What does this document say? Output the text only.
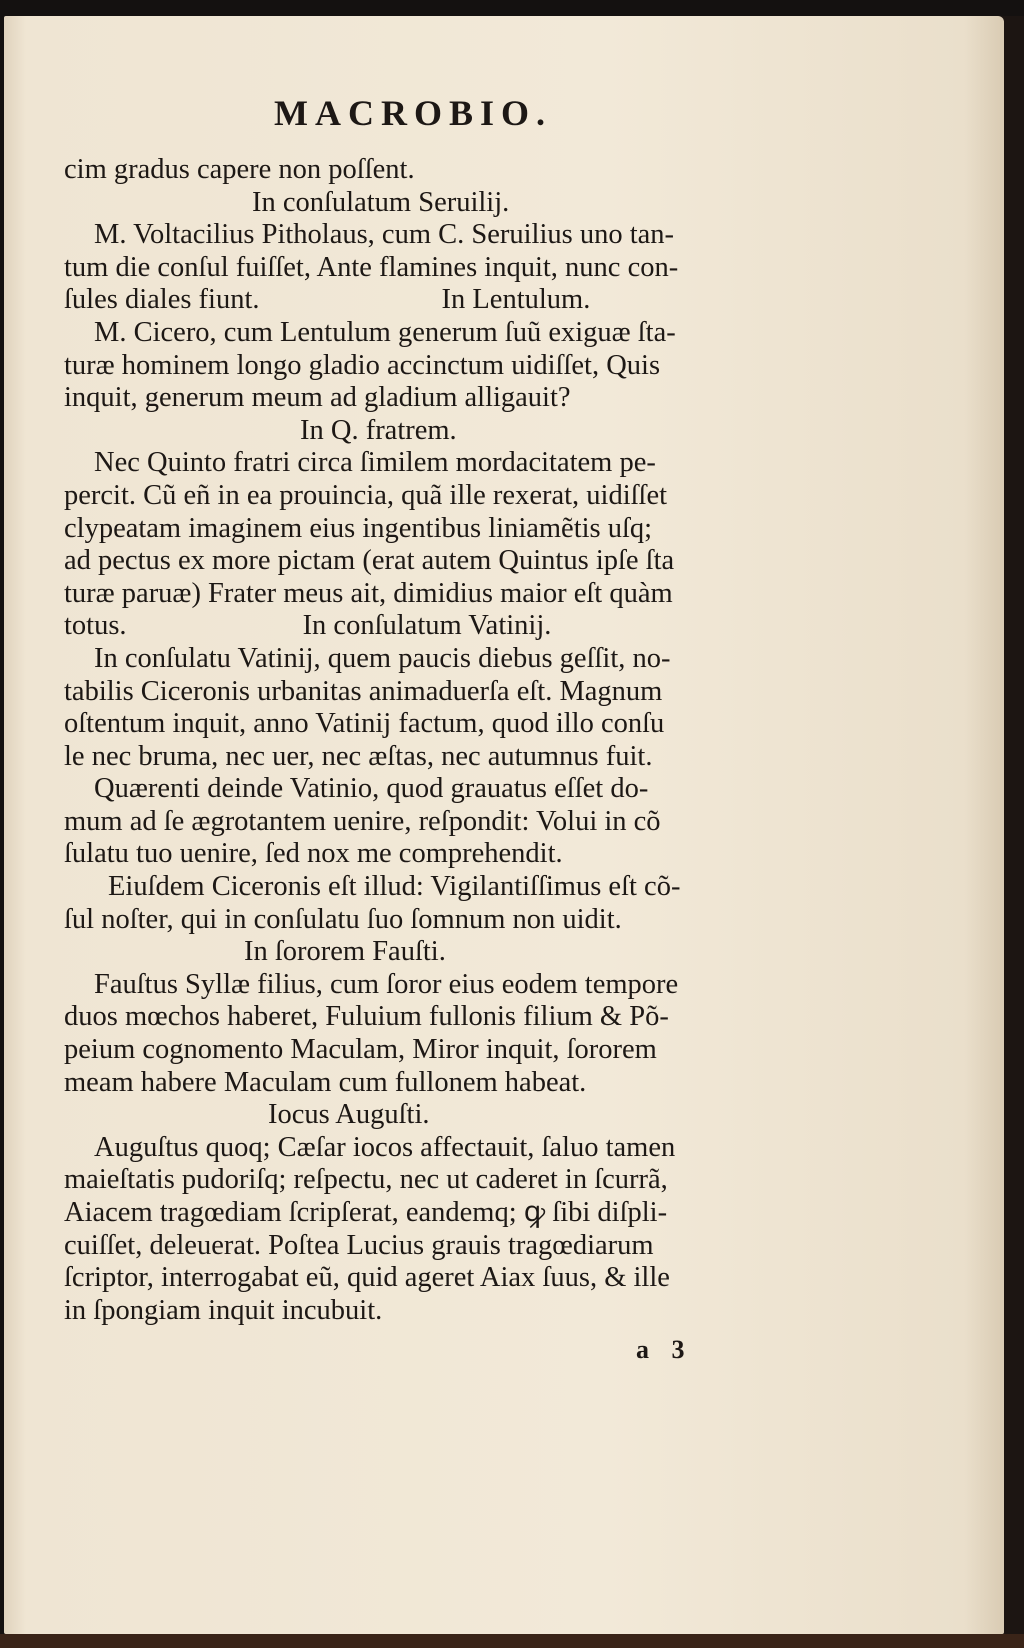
MACROBIO.
cim gradus capere non poſſent.
In conſulatum Seruilij.
M. Voltacilius Pitholaus, cum C. Seruilius uno tan-
tum die conſul fuiſſet, Ante flamines inquit, nunc con-
ſules diales fiunt.	In Lentulum.
M. Cicero, cum Lentulum generum ſuũ exiguæ ſta-
turæ hominem longo gladio accinctum uidiſſet, Quis
inquit, generum meum ad gladium alligauit?
In Q. fratrem.
Nec Quinto fratri circa ſimilem mordacitatem pe-
percit. Cũ eñ in ea prouincia, quã ille rexerat, uidiſſet
clypeatam imaginem eius ingentibus liniamẽtis uſq;
ad pectus ex more pictam (erat autem Quintus ipſe ſta
turæ paruæ) Frater meus ait, dimidius maior eſt quàm
totus.	In conſulatum Vatinij.
In conſulatu Vatinij, quem paucis diebus geſſit, no-
tabilis Ciceronis urbanitas animaduerſa eſt. Magnum
oſtentum inquit, anno Vatinij factum, quod illo conſu
le nec bruma, nec uer, nec æſtas, nec autumnus fuit.
Quærenti deinde Vatinio, quod grauatus eſſet do-
mum ad ſe ægrotantem uenire, reſpondit: Volui in cõ
ſulatu tuo uenire, ſed nox me comprehendit.
Eiuſdem Ciceronis eſt illud: Vigilantiſſimus eſt cõ-
ſul noſter, qui in conſulatu ſuo ſomnum non uidit.
In ſororem Fauſti.
Fauſtus Syllæ filius, cum ſoror eius eodem tempore
duos mœchos haberet, Fuluium fullonis filium & Põ-
peium cognomento Maculam, Miror inquit, ſororem
meam habere Maculam cum fullonem habeat.
Iocus Auguſti.
Auguſtus quoq; Cæſar iocos affectauit, ſaluo tamen
maieſtatis pudoriſq; reſpectu, nec ut caderet in ſcurrã,
Aiacem tragœdiam ſcripſerat, eandemq; ꝙ ſibi diſpli-
cuiſſet, deleuerat. Poſtea Lucius grauis tragœdiarum
ſcriptor, interrogabat eũ, quid ageret Aiax ſuus, & ille
in ſpongiam inquit incubuit.
a 3
